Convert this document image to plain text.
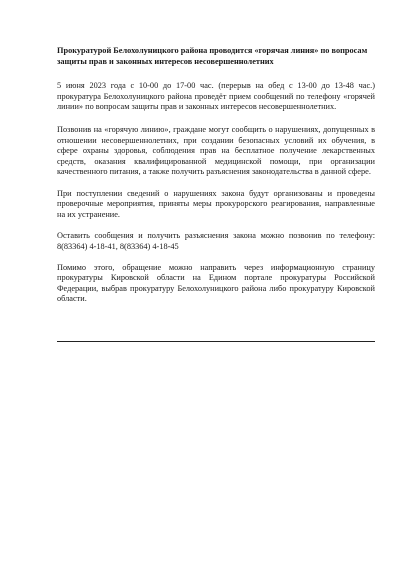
Прокуратурой Белохолуницкого района проводится «горячая линия» по вопросам защиты прав и законных интересов несовершеннолетних

5 июня 2023 года с 10-00 до 17-00 час. (перерыв на обед с 13-00 до 13-48 час.) прокуратура Белохолуницкого района проведёт прием сообщений по телефону «горячей линии» по вопросам защиты прав и законных интересов несовершеннолетних.

Позвонив на «горячую линию», граждане могут сообщить о нарушениях, допущенных в отношении несовершеннолетних, при создании безопасных условий их обучения, в сфере охраны здоровья, соблюдения прав на бесплатное получение лекарственных средств, оказания квалифицированной медицинской помощи, при организации качественного питания, а также получить разъяснения законодательства в данной сфере.

При поступлении сведений о нарушениях закона будут организованы и проведены проверочные мероприятия, приняты меры прокурорского реагирования, направленные на их устранение.

Оставить сообщения и получить разъяснения закона можно позвонив по телефону: 8(83364) 4-18-41, 8(83364) 4-18-45

Помимо этого, обращение можно направить через информационную страницу прокуратуры Кировской области на Едином портале прокуратуры Российской Федерации, выбрав прокуратуру Белохолуницкого района либо прокуратуру Кировской области.
